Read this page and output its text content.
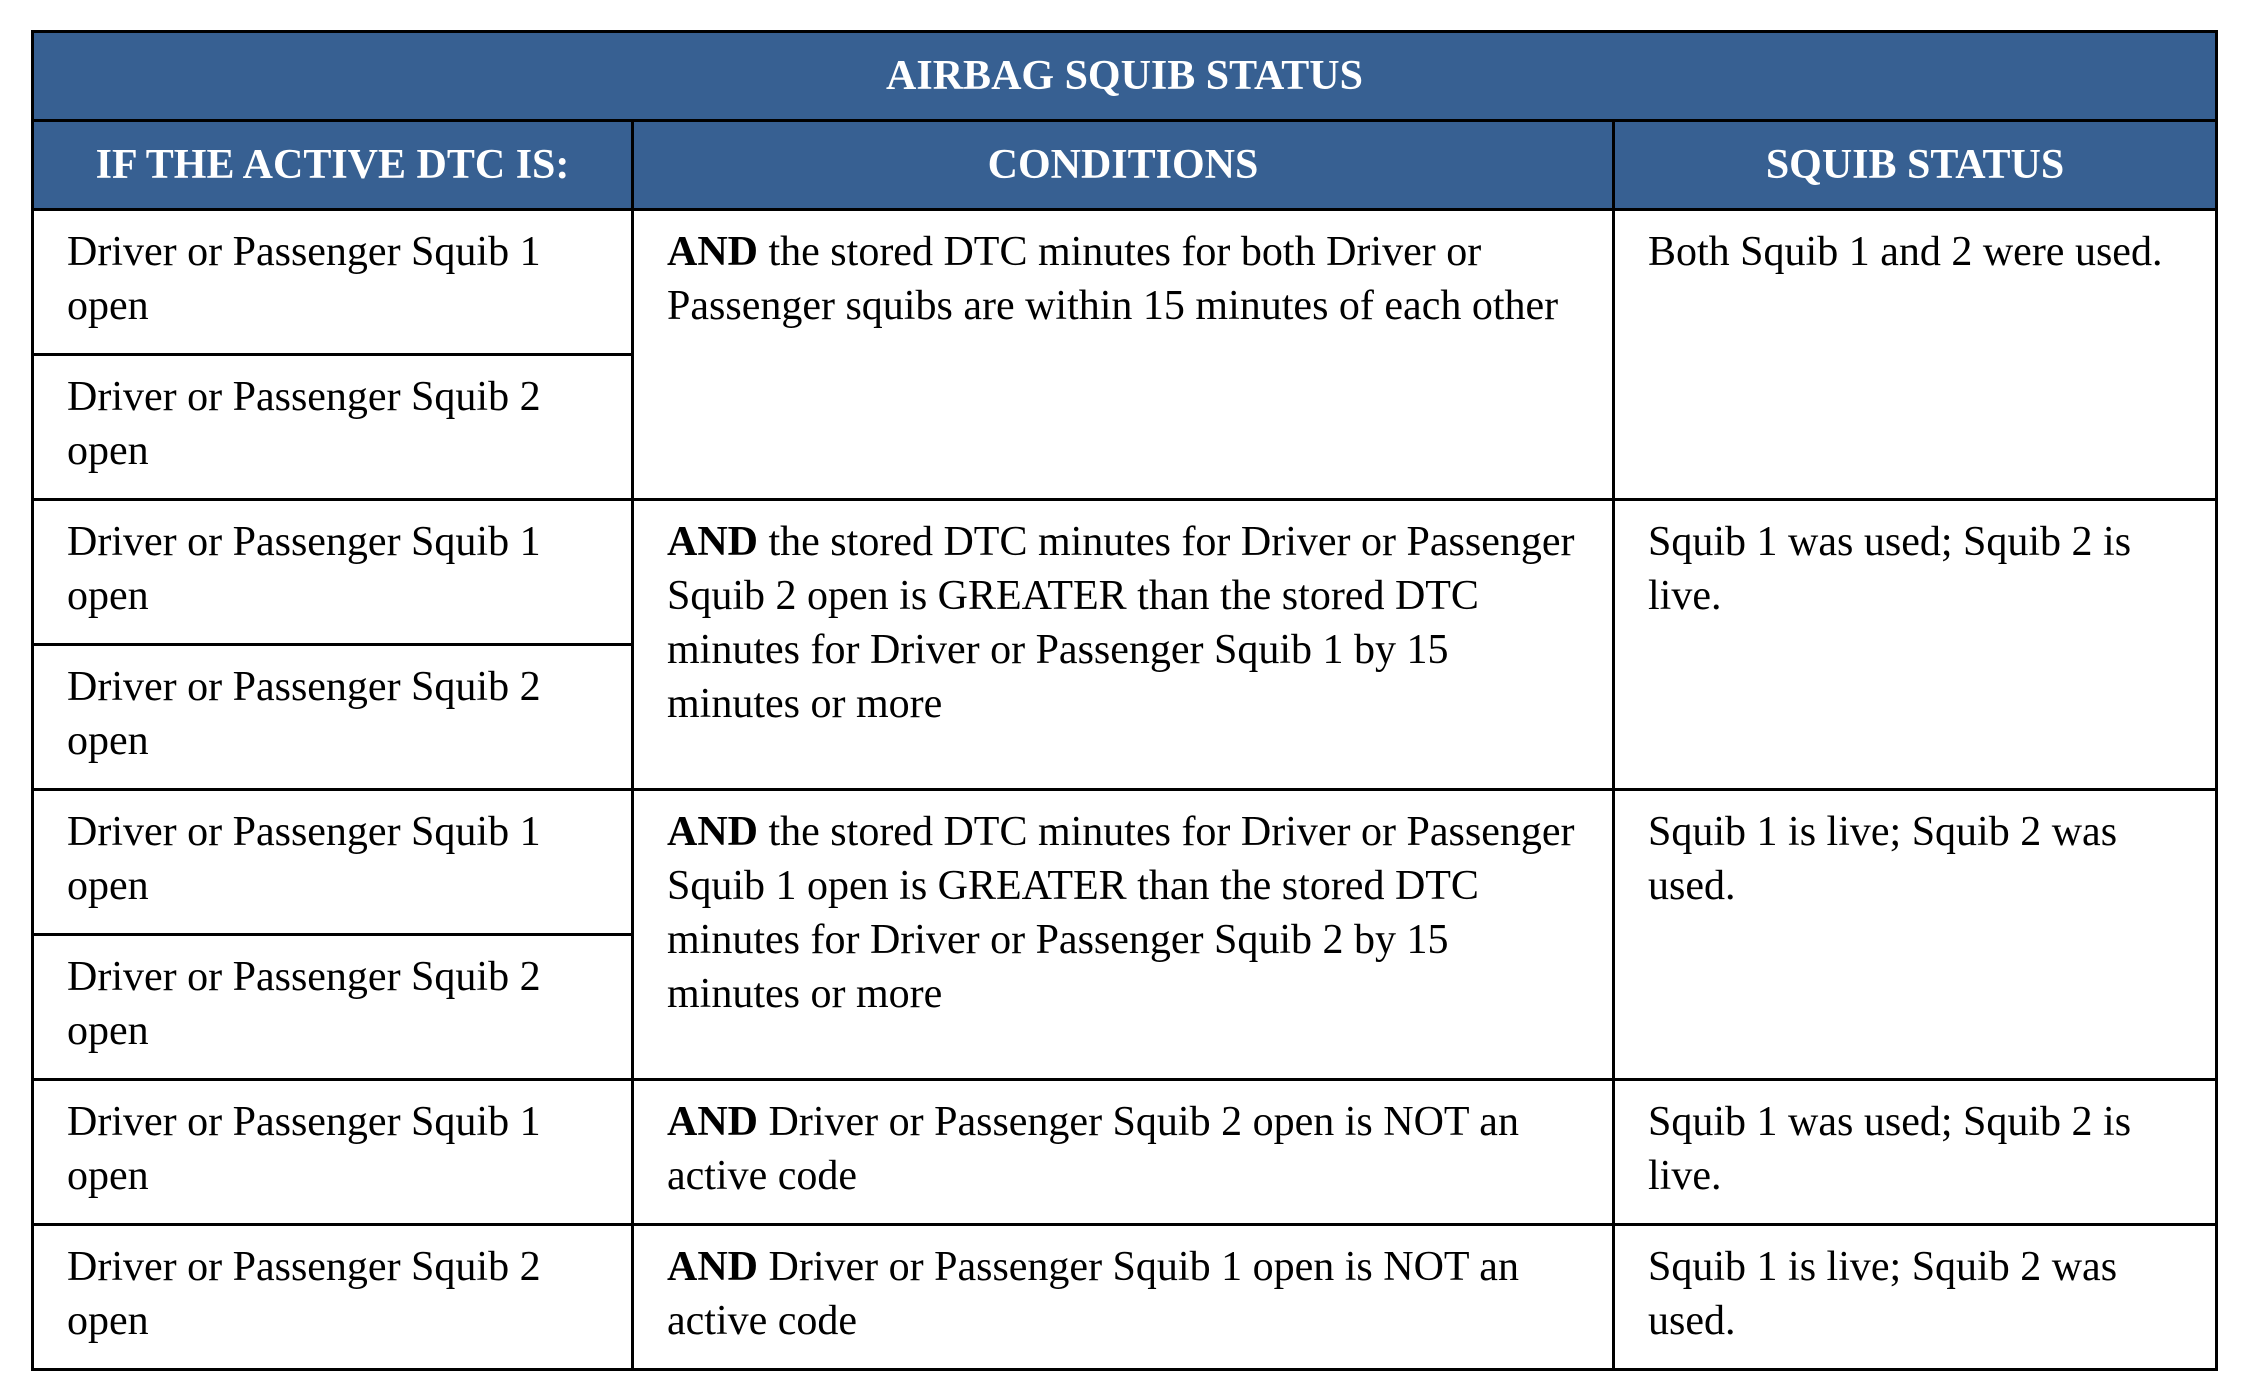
AIRBAG SQUIB STATUS		
IF THE ACTIVE DTC IS:	CONDITIONS	SQUIB STATUS
Driver or Passenger Squib 1 open	AND the stored DTC minutes for both Driver or Passenger squibs are within 15 minutes of each other	Both Squib 1 and 2 were used.
Driver or Passenger Squib 2 open		
Driver or Passenger Squib 1 open	AND the stored DTC minutes for Driver or Passenger Squib 2 open is GREATER than the stored DTC minutes for Driver or Passenger Squib 1 by 15 minutes or more	Squib 1 was used; Squib 2 is live.
Driver or Passenger Squib 2 open		
Driver or Passenger Squib 1 open	AND the stored DTC minutes for Driver or Passenger Squib 1 open is GREATER than the stored DTC minutes for Driver or Passenger Squib 2 by 15 minutes or more	Squib 1 is live; Squib 2 was used.
Driver or Passenger Squib 2 open		
Driver or Passenger Squib 1 open	AND Driver or Passenger Squib 2 open is NOT an active code	Squib 1 was used; Squib 2 is live.
Driver or Passenger Squib 2 open	AND Driver or Passenger Squib 1 open is NOT an active code	Squib 1 is live; Squib 2 was used.
